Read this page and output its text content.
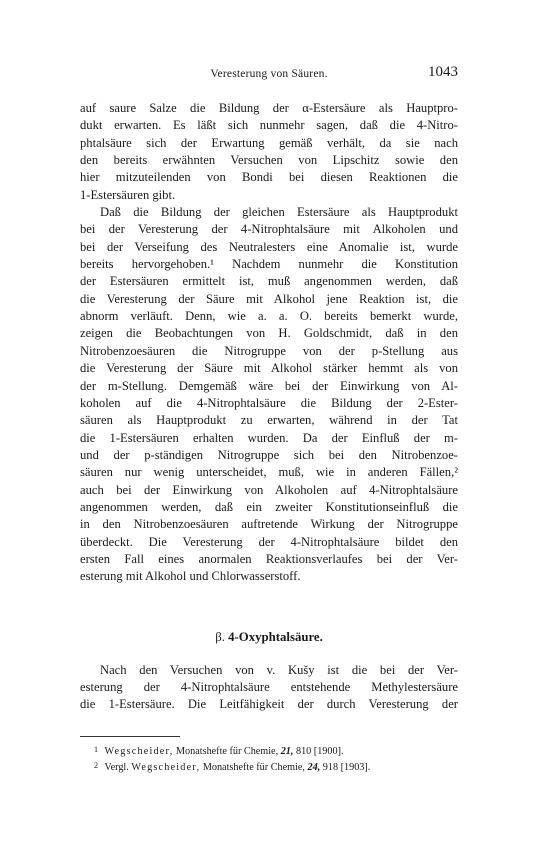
Veresterung von Säuren.	1043
auf saure Salze die Bildung der α-Estersäure als Hauptpro-
dukt erwarten. Es läßt sich nunmehr sagen, daß die 4-Nitro-
phtalsäure sich der Erwartung gemäß verhält, da sie nach
den bereits erwähnten Versuchen von Lipschitz sowie den
hier mitzuteilenden von Bondi bei diesen Reaktionen die
1-Estersäuren gibt.
Daß die Bildung der gleichen Estersäure als Hauptprodukt
bei der Veresterung der 4-Nitrophtalsäure mit Alkoholen und
bei der Verseifung des Neutralesters eine Anomalie ist, wurde
bereits hervorgehoben.¹ Nachdem nunmehr die Konstitution
der Estersäuren ermittelt ist, muß angenommen werden, daß
die Veresterung der Säure mit Alkohol jene Reaktion ist, die
abnorm verläuft. Denn, wie a. a. O. bereits bemerkt wurde,
zeigen die Beobachtungen von H. Goldschmidt, daß in den
Nitrobenzoesäuren die Nitrogruppe von der p-Stellung aus
die Veresterung der Säure mit Alkohol stärker hemmt als von
der m-Stellung. Demgemäß wäre bei der Einwirkung von Al-
koholen auf die 4-Nitrophtalsäure die Bildung der 2-Ester-
säuren als Hauptprodukt zu erwarten, während in der Tat
die 1-Estersäuren erhalten wurden. Da der Einfluß der m-
und der p-ständigen Nitrogruppe sich bei den Nitrobenzoe-
säuren nur wenig unterscheidet, muß, wie in anderen Fällen,²
auch bei der Einwirkung von Alkoholen auf 4-Nitrophtalsäure
angenommen werden, daß ein zweiter Konstitutionseinfluß die
in den Nitrobenzoesäuren auftretende Wirkung der Nitrogruppe
überdeckt. Die Veresterung der 4-Nitrophtalsäure bildet den
ersten Fall eines anormalen Reaktionsverlaufes bei der Ver-
esterung mit Alkohol und Chlorwasserstoff.
β. 4-Oxyphtalsäure.
Nach den Versuchen von v. Kušy ist die bei der Ver-
esterung der 4-Nitrophtalsäure entstehende Methylestersäure
die 1-Estersäure. Die Leitfähigkeit der durch Veresterung der
1 Wegscheider, Monatshefte für Chemie, 21, 810 [1900].
2 Vergl. Wegscheider, Monatshefte für Chemie, 24, 918 [1903].
